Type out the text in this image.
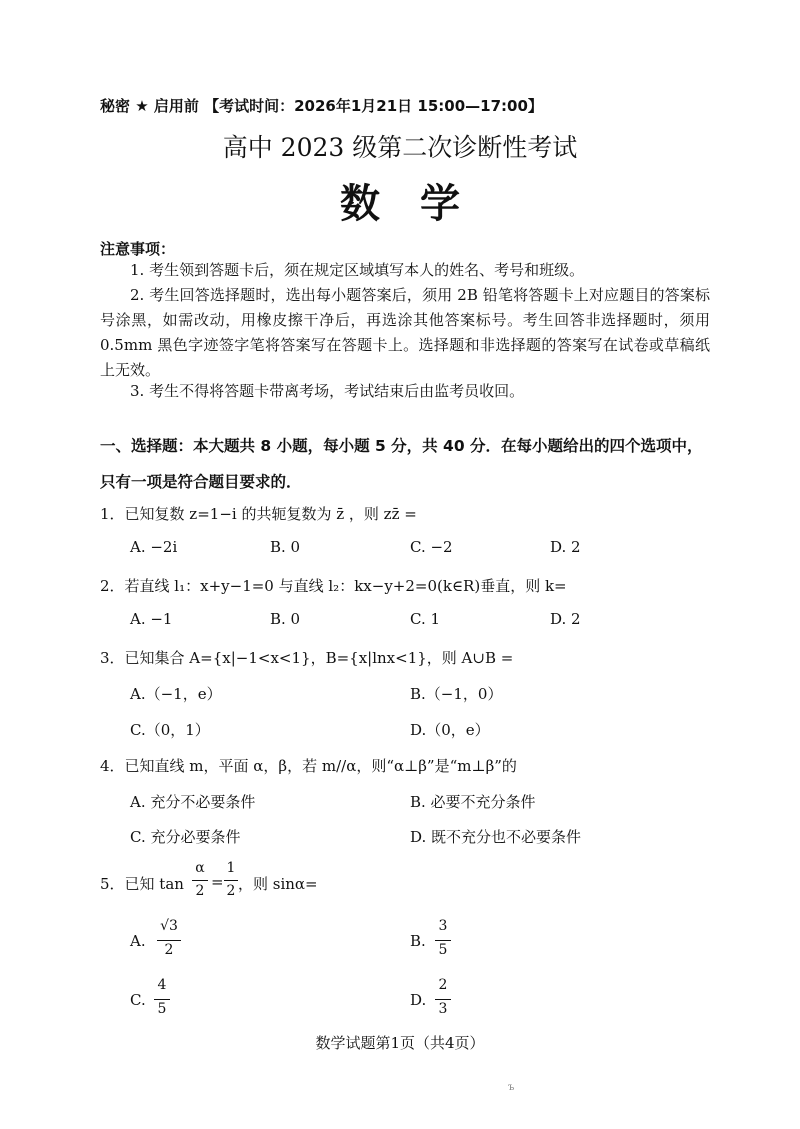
秘密 ★ 启用前 【考试时间：2026年1月21日 15:00—17:00】
高中 2023 级第二次诊断性考试
数学
注意事项：
1. 考生领到答题卡后，须在规定区域填写本人的姓名、考号和班级。
2. 考生回答选择题时，选出每小题答案后，须用 2B 铅笔将答题卡上对应题目的答案标号涂黑，如需改动，用橡皮擦干净后，再选涂其他答案标号。考生回答非选择题时，须用 0.5mm 黑色字迹签字笔将答案写在答题卡上。选择题和非选择题的答案写在试卷或草稿纸上无效。
3. 考生不得将答题卡带离考场，考试结束后由监考员收回。
一、选择题：本大题共 8 小题，每小题 5 分，共 40 分．在每小题给出的四个选项中，只有一项是符合题目要求的．
1．已知复数 z=1−i 的共轭复数为 z̄ ，则 zz̄ =
A. −2i	B. 0	C. −2	D. 2
2．若直线 l₁：x+y−1=0 与直线 l₂：kx−y+2=0(k∈R)垂直，则 k=
A. −1	B. 0	C. 1	D. 2
3．已知集合 A={x|−1<x<1}，B={x|lnx<1}，则 A∪B =
A.（−1，e）	B.（−1，0）
C.（0，1）	D.（0，e）
4．已知直线 m，平面 α，β，若 m//α，则“α⊥β”是“m⊥β”的
A. 充分不必要条件	B. 必要不充分条件
C. 充分必要条件	D. 既不充分也不必要条件
5．已知 tan
α
2 =
1
2 ，则 sinα=
A.
√3
2	B.
3
5
C.
4
5	D.
2
3
数学试题第1页（共4页）
ъ
